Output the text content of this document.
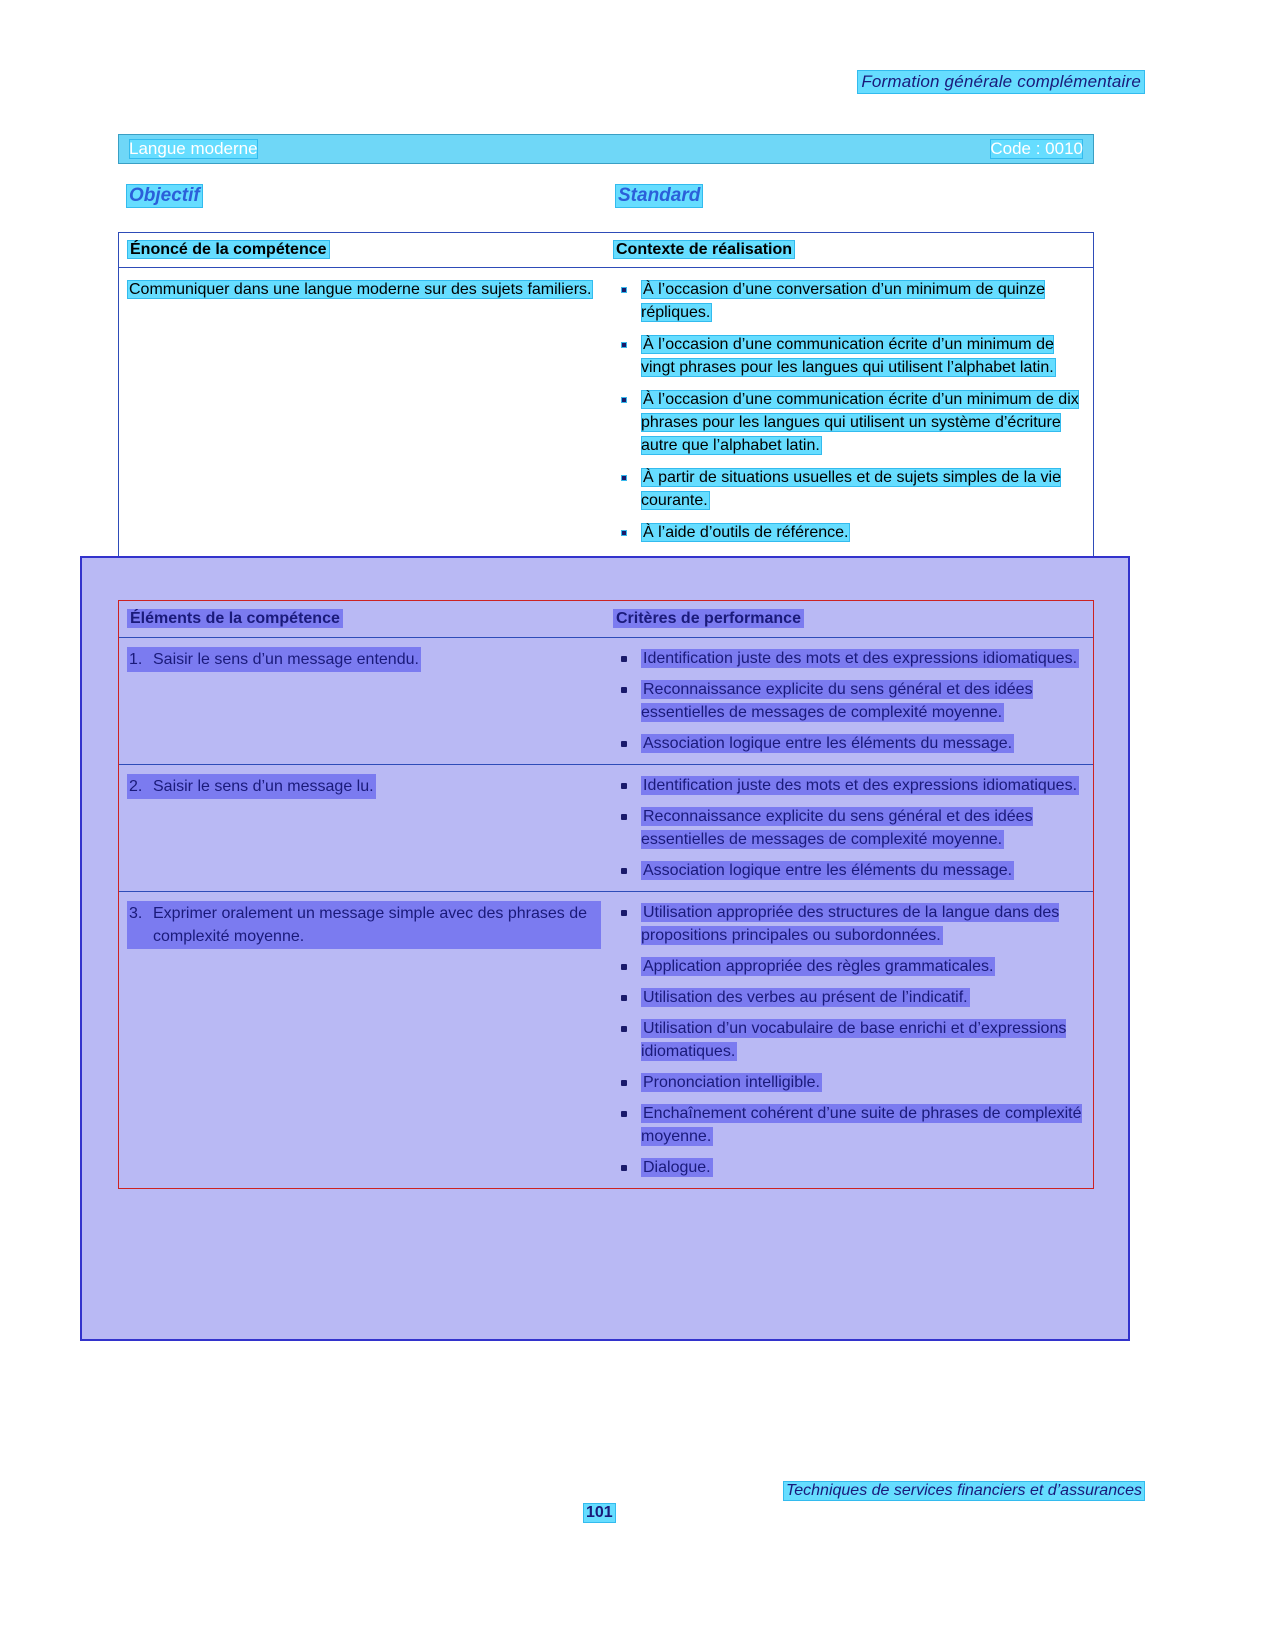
Formation générale complémentaire
Langue moderne	Code : 0010
Objectif	Standard
Énoncé de la compétence	Contexte de réalisation
Communiquer dans une langue moderne sur des sujets familiers.	À l’occasion d’une conversation d’un minimum de quinze répliques.
À l’occasion d’une communication écrite d’un minimum de vingt phrases pour les langues qui utilisent l’alphabet latin.
À l’occasion d’une communication écrite d’un minimum de dix phrases pour les langues qui utilisent un système d’écriture autre que l’alphabet latin.
À partir de situations usuelles et de sujets simples de la vie courante.
À l’aide d’outils de référence.
Éléments de la compétence	Critères de performance
1. Saisir le sens d’un message entendu.	Identification juste des mots et des expressions idiomatiques.
Reconnaissance explicite du sens général et des idées essentielles de messages de complexité moyenne.
Association logique entre les éléments du message.
2. Saisir le sens d’un message lu.	Identification juste des mots et des expressions idiomatiques.
Reconnaissance explicite du sens général et des idées essentielles de messages de complexité moyenne.
Association logique entre les éléments du message.
3. Exprimer oralement un message simple avec des phrases de complexité moyenne.
Utilisation appropriée des structures de la langue dans des propositions principales ou subordonnées.
Application appropriée des règles grammaticales.
Utilisation des verbes au présent de l’indicatif.
Utilisation d’un vocabulaire de base enrichi et d’expressions idiomatiques.
Prononciation intelligible.
Enchaînement cohérent d’une suite de phrases de complexité moyenne.
Dialogue.
Techniques de services financiers et d’assurances
101
